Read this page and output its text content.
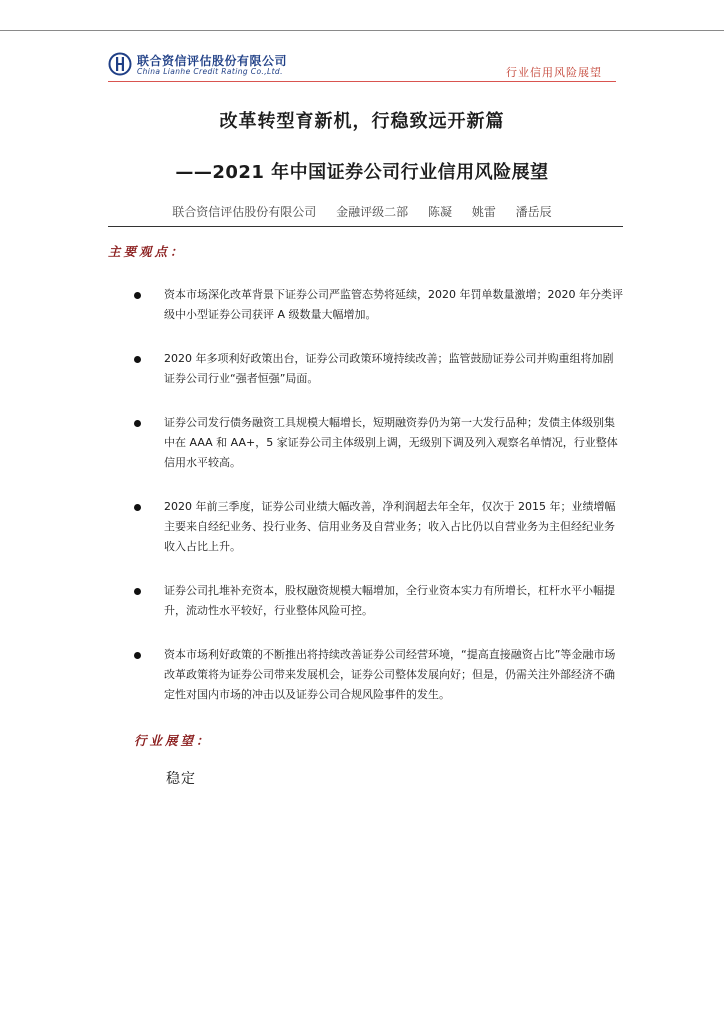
联合资信评估股份有限公司
China Lianhe Credit Rating Co.,Ltd.	行业信用风险展望
改革转型育新机，行稳致远开新篇
——2021 年中国证券公司行业信用风险展望
联合资信评估股份有限公司 金融评级二部 陈凝 姚雷 潘岳辰
主要观点：
资本市场深化改革背景下证券公司严监管态势将延续，2020 年罚单数量激增；2020 年分类评级中小型证券公司获评 A 级数量大幅增加。
2020 年多项利好政策出台，证券公司政策环境持续改善；监管鼓励证券公司并购重组将加剧证券公司行业“强者恒强”局面。
证券公司发行债务融资工具规模大幅增长，短期融资券仍为第一大发行品种；发债主体级别集中在 AAA 和 AA+，5 家证券公司主体级别上调，无级别下调及列入观察名单情况，行业整体信用水平较高。
2020 年前三季度，证券公司业绩大幅改善，净利润超去年全年，仅次于 2015 年；业绩增幅主要来自经纪业务、投行业务、信用业务及自营业务；收入占比仍以自营业务为主但经纪业务收入占比上升。
证券公司扎堆补充资本，股权融资规模大幅增加，全行业资本实力有所增长，杠杆水平小幅提升，流动性水平较好，行业整体风险可控。
资本市场利好政策的不断推出将持续改善证券公司经营环境，“提高直接融资占比”等金融市场改革政策将为证券公司带来发展机会，证券公司整体发展向好；但是，仍需关注外部经济不确定性对国内市场的冲击以及证券公司合规风险事件的发生。
行业展望：
稳定
